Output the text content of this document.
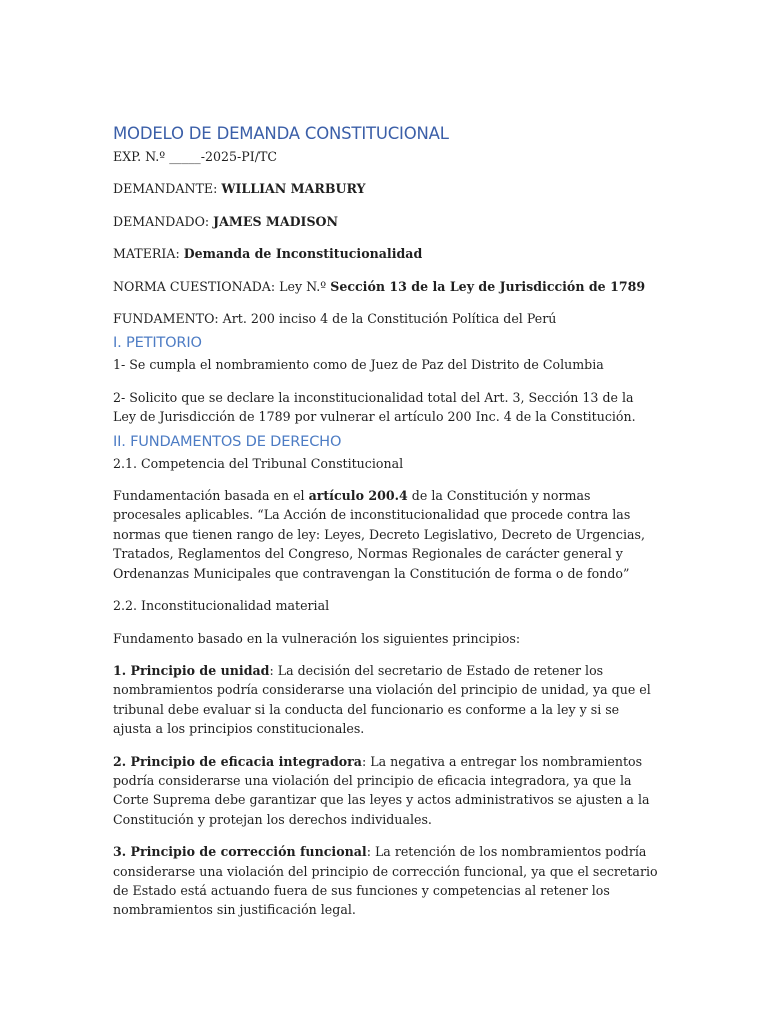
MODELO DE DEMANDA CONSTITUCIONAL
EXP. N.º _____-2025-PI/TC
DEMANDANTE: WILLIAN MARBURY
DEMANDADO: JAMES MADISON
MATERIA: Demanda de Inconstitucionalidad
NORMA CUESTIONADA: Ley N.º Sección 13 de la Ley de Jurisdicción de 1789
FUNDAMENTO: Art. 200 inciso 4 de la Constitución Política del Perú
I. PETITORIO
1- Se cumpla el nombramiento como de Juez de Paz del Distrito de Columbia
2- Solicito que se declare la inconstitucionalidad total del Art. 3, Sección 13 de la Ley de Jurisdicción de 1789 por vulnerar el artículo 200 Inc. 4 de la Constitución.
II. FUNDAMENTOS DE DERECHO
2.1. Competencia del Tribunal Constitucional
Fundamentación basada en el artículo 200.4 de la Constitución y normas procesales aplicables. “La Acción de inconstitucionalidad que procede contra las normas que tienen rango de ley: Leyes, Decreto Legislativo, Decreto de Urgencias, Tratados, Reglamentos del Congreso, Normas Regionales de carácter general y Ordenanzas Municipales que contravengan la Constitución de forma o de fondo”
2.2. Inconstitucionalidad material
Fundamento basado en la vulneración los siguientes principios:
1. Principio de unidad: La decisión del secretario de Estado de retener los nombramientos podría considerarse una violación del principio de unidad, ya que el tribunal debe evaluar si la conducta del funcionario es conforme a la ley y si se ajusta a los principios constitucionales.
2. Principio de eficacia integradora: La negativa a entregar los nombramientos podría considerarse una violación del principio de eficacia integradora, ya que la Corte Suprema debe garantizar que las leyes y actos administrativos se ajusten a la Constitución y protejan los derechos individuales.
3. Principio de corrección funcional: La retención de los nombramientos podría considerarse una violación del principio de corrección funcional, ya que el secretario de Estado está actuando fuera de sus funciones y competencias al retener los nombramientos sin justificación legal.
